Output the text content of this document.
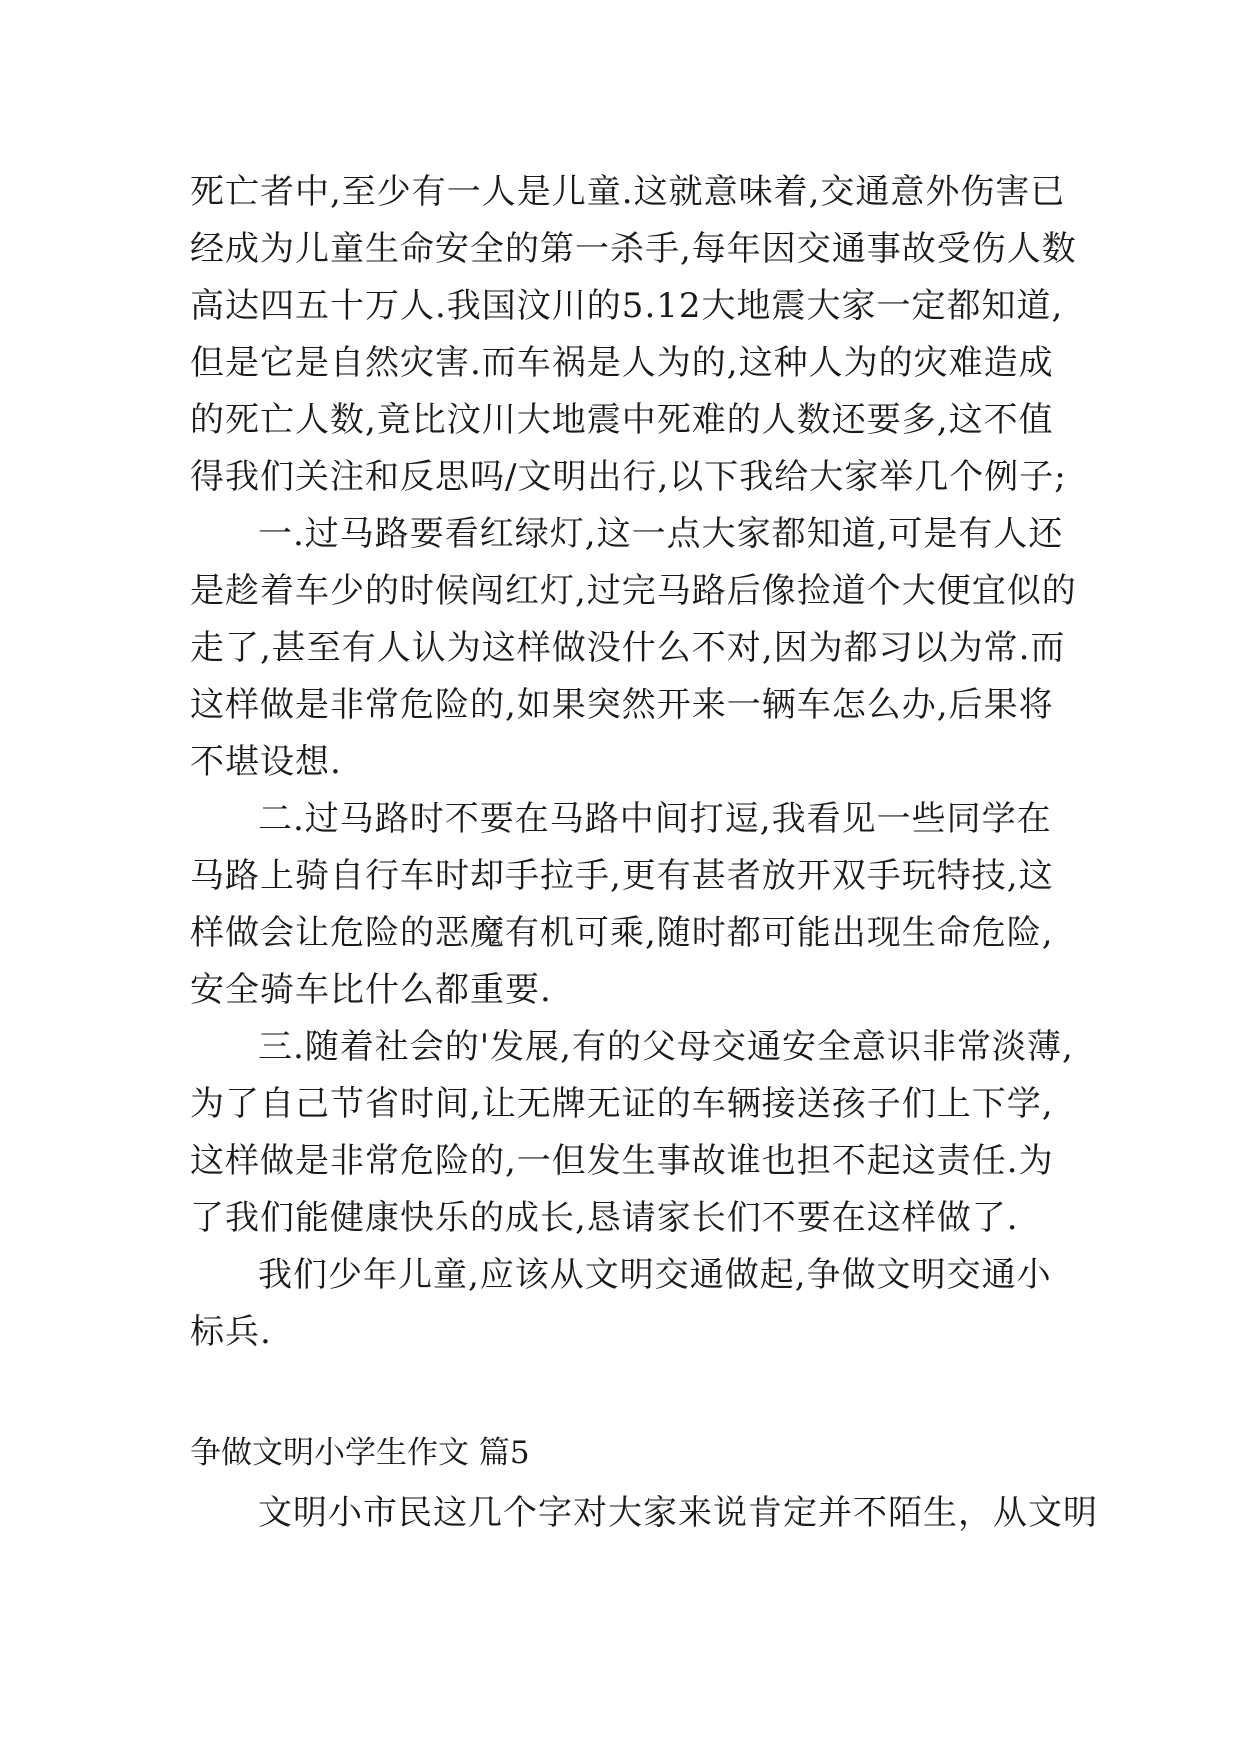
死亡者中,至少有一人是儿童.这就意味着,交通意外伤害已
经成为儿童生命安全的第一杀手,每年因交通事故受伤人数
高达四五十万人.我国汶川的5.12大地震大家一定都知道,
但是它是自然灾害.而车祸是人为的,这种人为的灾难造成
的死亡人数,竟比汶川大地震中死难的人数还要多,这不值
得我们关注和反思吗/文明出行,以下我给大家举几个例子;
一.过马路要看红绿灯,这一点大家都知道,可是有人还
是趁着车少的时候闯红灯,过完马路后像捡道个大便宜似的
走了,甚至有人认为这样做没什么不对,因为都习以为常.而
这样做是非常危险的,如果突然开来一辆车怎么办,后果将
不堪设想.
二.过马路时不要在马路中间打逗,我看见一些同学在
马路上骑自行车时却手拉手,更有甚者放开双手玩特技,这
样做会让危险的恶魔有机可乘,随时都可能出现生命危险,
安全骑车比什么都重要.
三.随着社会的'发展,有的父母交通安全意识非常淡薄,
为了自己节省时间,让无牌无证的车辆接送孩子们上下学,
这样做是非常危险的,一但发生事故谁也担不起这责任.为
了我们能健康快乐的成长,恳请家长们不要在这样做了.
我们少年儿童,应该从文明交通做起,争做文明交通小
标兵.
争做文明小学生作文 篇5
文明小市民这几个字对大家来说肯定并不陌生，从文明
